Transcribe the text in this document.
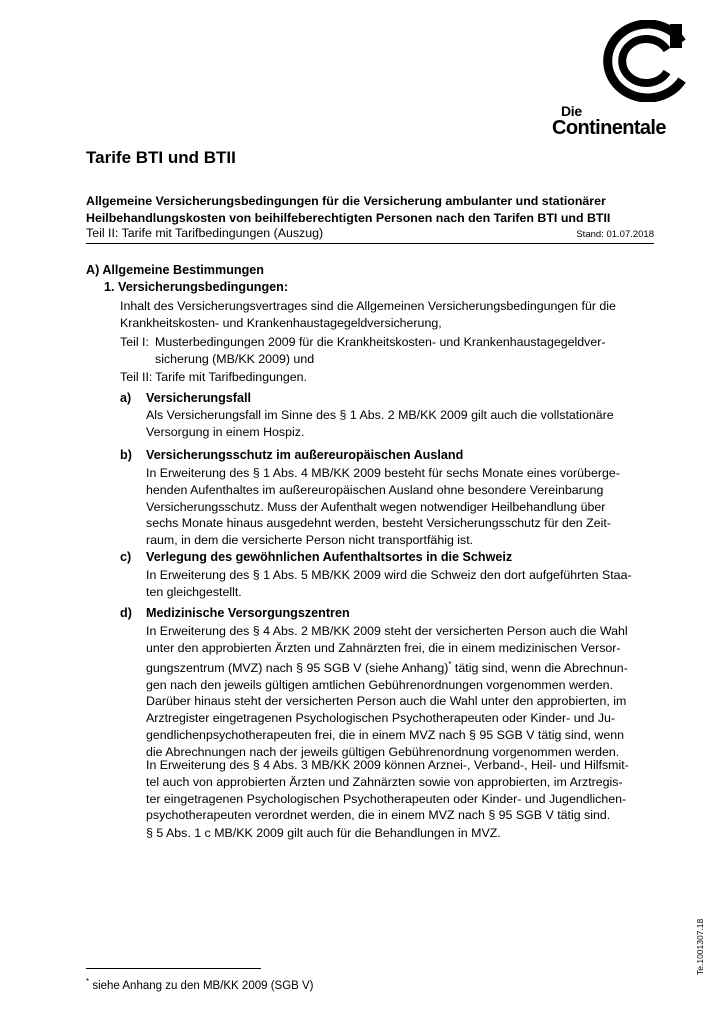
Die
Continentale
Tarife BTI und BTII
Allgemeine Versicherungsbedingungen für die Versicherung ambulanter und stationärer Heilbehandlungskosten von beihilfeberechtigten Personen nach den Tarifen BTI und BTII
Teil II: Tarife mit Tarifbedingungen (Auszug)	Stand: 01.07.2018
A) Allgemeine Bestimmungen
1. Versicherungsbedingungen:
Inhalt des Versicherungsvertrages sind die Allgemeinen Versicherungsbedingungen für die
Krankheitskosten- und Krankenhaustagegeldversicherung,
Teil I: Musterbedingungen 2009 für die Krankheitskosten- und Krankenhaustagegeldver-
sicherung (MB/KK 2009) und
Teil II: Tarife mit Tarifbedingungen.
a) Versicherungsfall
Als Versicherungsfall im Sinne des § 1 Abs. 2 MB/KK 2009 gilt auch die vollstationäre
Versorgung in einem Hospiz.
b) Versicherungsschutz im außereuropäischen Ausland
In Erweiterung des § 1 Abs. 4 MB/KK 2009 besteht für sechs Monate eines vorüberge-
henden Aufenthaltes im außereuropäischen Ausland ohne besondere Vereinbarung
Versicherungsschutz. Muss der Aufenthalt wegen notwendiger Heilbehandlung über
sechs Monate hinaus ausgedehnt werden, besteht Versicherungsschutz für den Zeit-
raum, in dem die versicherte Person nicht transportfähig ist.
c) Verlegung des gewöhnlichen Aufenthaltsortes in die Schweiz
In Erweiterung des § 1 Abs. 5 MB/KK 2009 wird die Schweiz den dort aufgeführten Staa-
ten gleichgestellt.
d) Medizinische Versorgungszentren
In Erweiterung des § 4 Abs. 2 MB/KK 2009 steht der versicherten Person auch die Wahl
unter den approbierten Ärzten und Zahnärzten frei, die in einem medizinischen Versor-
gungszentrum (MVZ) nach § 95 SGB V (siehe Anhang)* tätig sind, wenn die Abrechnun-
gen nach den jeweils gültigen amtlichen Gebührenordnungen vorgenommen werden.
Darüber hinaus steht der versicherten Person auch die Wahl unter den approbierten, im
Arztregister eingetragenen Psychologischen Psychotherapeuten oder Kinder- und Ju-
gendlichenpsychotherapeuten frei, die in einem MVZ nach § 95 SGB V tätig sind, wenn
die Abrechnungen nach der jeweils gültigen Gebührenordnung vorgenommen werden.
In Erweiterung des § 4 Abs. 3 MB/KK 2009 können Arznei-, Verband-, Heil- und Hilfsmit-
tel auch von approbierten Ärzten und Zahnärzten sowie von approbierten, im Arztregis-
ter eingetragenen Psychologischen Psychotherapeuten oder Kinder- und Jugendlichen-
psychotherapeuten verordnet werden, die in einem MVZ nach § 95 SGB V tätig sind.
§ 5 Abs. 1 c MB/KK 2009 gilt auch für die Behandlungen in MVZ.
* siehe Anhang zu den MB/KK 2009 (SGB V)
Te.1001307.18
